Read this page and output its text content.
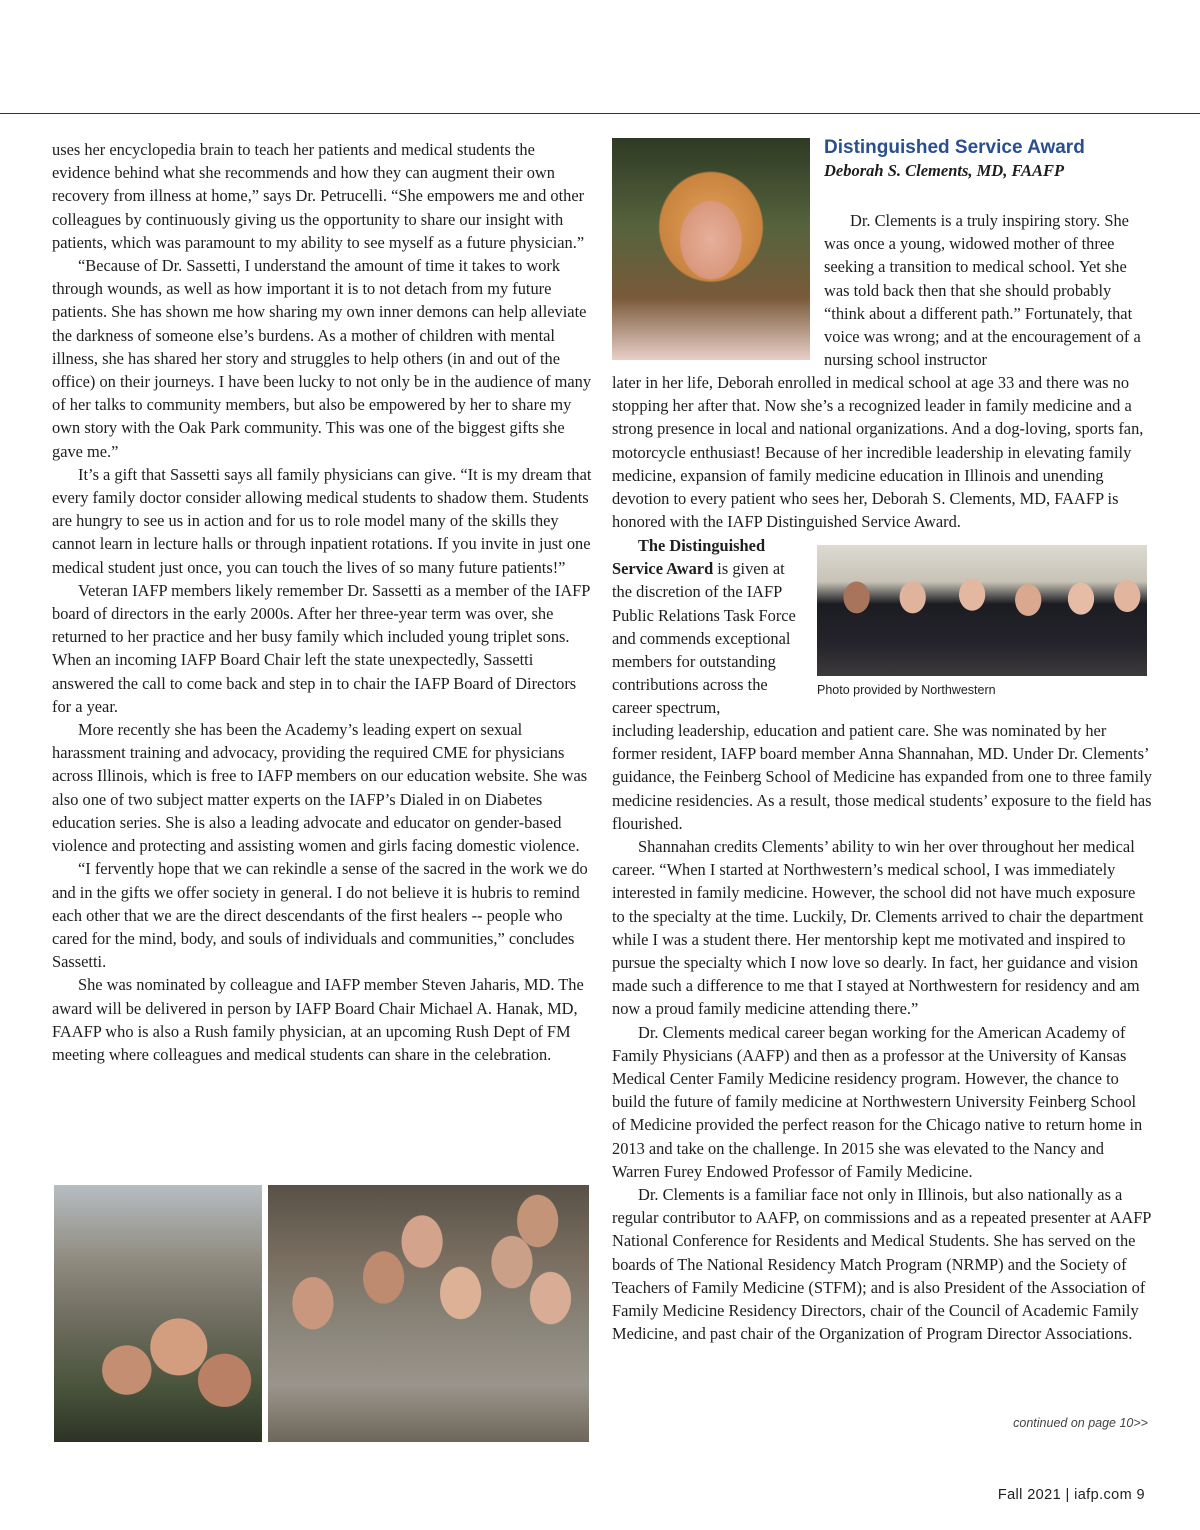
uses her encyclopedia brain to teach her patients and medical students the evidence behind what she recommends and how they can augment their own recovery from illness at home,” says Dr. Petrucelli. “She empowers me and other colleagues by continuously giving us the opportunity to share our insight with patients, which was paramount to my ability to see myself as a future physician.”

“Because of Dr. Sassetti, I understand the amount of time it takes to work through wounds, as well as how important it is to not detach from my future patients. She has shown me how sharing my own inner demons can help alleviate the darkness of someone else’s burdens. As a mother of children with mental illness, she has shared her story and struggles to help others (in and out of the office) on their journeys. I have been lucky to not only be in the audience of many of her talks to community members, but also be empowered by her to share my own story with the Oak Park community. This was one of the biggest gifts she gave me.”

It’s a gift that Sassetti says all family physicians can give. “It is my dream that every family doctor consider allowing medical students to shadow them. Students are hungry to see us in action and for us to role model many of the skills they cannot learn in lecture halls or through inpatient rotations. If you invite in just one medical student just once, you can touch the lives of so many future patients!”

Veteran IAFP members likely remember Dr. Sassetti as a member of the IAFP board of directors in the early 2000s. After her three-year term was over, she returned to her practice and her busy family which included young triplet sons. When an incoming IAFP Board Chair left the state unexpectedly, Sassetti answered the call to come back and step in to chair the IAFP Board of Directors for a year.

More recently she has been the Academy’s leading expert on sexual harassment training and advocacy, providing the required CME for physicians across Illinois, which is free to IAFP members on our education website. She was also one of two subject matter experts on the IAFP’s Dialed in on Diabetes education series. She is also a leading advocate and educator on gender-based violence and protecting and assisting women and girls facing domestic violence.

“I fervently hope that we can rekindle a sense of the sacred in the work we do and in the gifts we offer society in general. I do not believe it is hubris to remind each other that we are the direct descendants of the first healers -- people who cared for the mind, body, and souls of individuals and communities,” concludes Sassetti.

She was nominated by colleague and IAFP member Steven Jaharis, MD. The award will be delivered in person by IAFP Board Chair Michael A. Hanak, MD, FAAFP who is also a Rush family physician, at an upcoming Rush Dept of FM meeting where colleagues and medical students can share in the celebration.

Distinguished Service Award

Deborah S. Clements, MD, FAAFP

Dr. Clements is a truly inspiring story. She was once a young, widowed mother of three seeking a transition to medical school. Yet she was told back then that she should probably “think about a different path.” Fortunately, that voice was wrong; and at the encouragement of a nursing school instructor

later in her life, Deborah enrolled in medical school at age 33 and there was no stopping her after that. Now she’s a recognized leader in family medicine and a strong presence in local and national organizations. And a dog-loving, sports fan, motorcycle enthusiast! Because of her incredible leadership in elevating family medicine, expansion of family medicine education in Illinois and unending devotion to every patient who sees her, Deborah S. Clements, MD, FAAFP is honored with the IAFP Distinguished Service Award.

The Distinguished Service Award is given at the discretion of the IAFP Public Relations Task Force and commends exceptional members for outstanding contributions across the career spectrum,

Photo provided by Northwestern

including leadership, education and patient care. She was nominated by her former resident, IAFP board member Anna Shannahan, MD. Under Dr. Clements’ guidance, the Feinberg School of Medicine has expanded from one to three family medicine residencies. As a result, those medical students’ exposure to the field has flourished.

Shannahan credits Clements’ ability to win her over throughout her medical career. “When I started at Northwestern’s medical school, I was immediately interested in family medicine. However, the school did not have much exposure to the specialty at the time. Luckily, Dr. Clements arrived to chair the department while I was a student there. Her mentorship kept me motivated and inspired to pursue the specialty which I now love so dearly. In fact, her guidance and vision made such a difference to me that I stayed at Northwestern for residency and am now a proud family medicine attending there.”

Dr. Clements medical career began working for the American Academy of Family Physicians (AAFP) and then as a professor at the University of Kansas Medical Center Family Medicine residency program. However, the chance to build the future of family medicine at Northwestern University Feinberg School of Medicine provided the perfect reason for the Chicago native to return home in 2013 and take on the challenge. In 2015 she was elevated to the Nancy and Warren Furey Endowed Professor of Family Medicine.

Dr. Clements is a familiar face not only in Illinois, but also nationally as a regular contributor to AAFP, on commissions and as a repeated presenter at AAFP National Conference for Residents and Medical Students. She has served on the boards of The National Residency Match Program (NRMP) and the Society of Teachers of Family Medicine (STFM); and is also President of the Association of Family Medicine Residency Directors, chair of the Council of Academic Family Medicine, and past chair of the Organization of Program Director Associations.

continued on page 10>>
Fall 2021 | iafp.com 9
